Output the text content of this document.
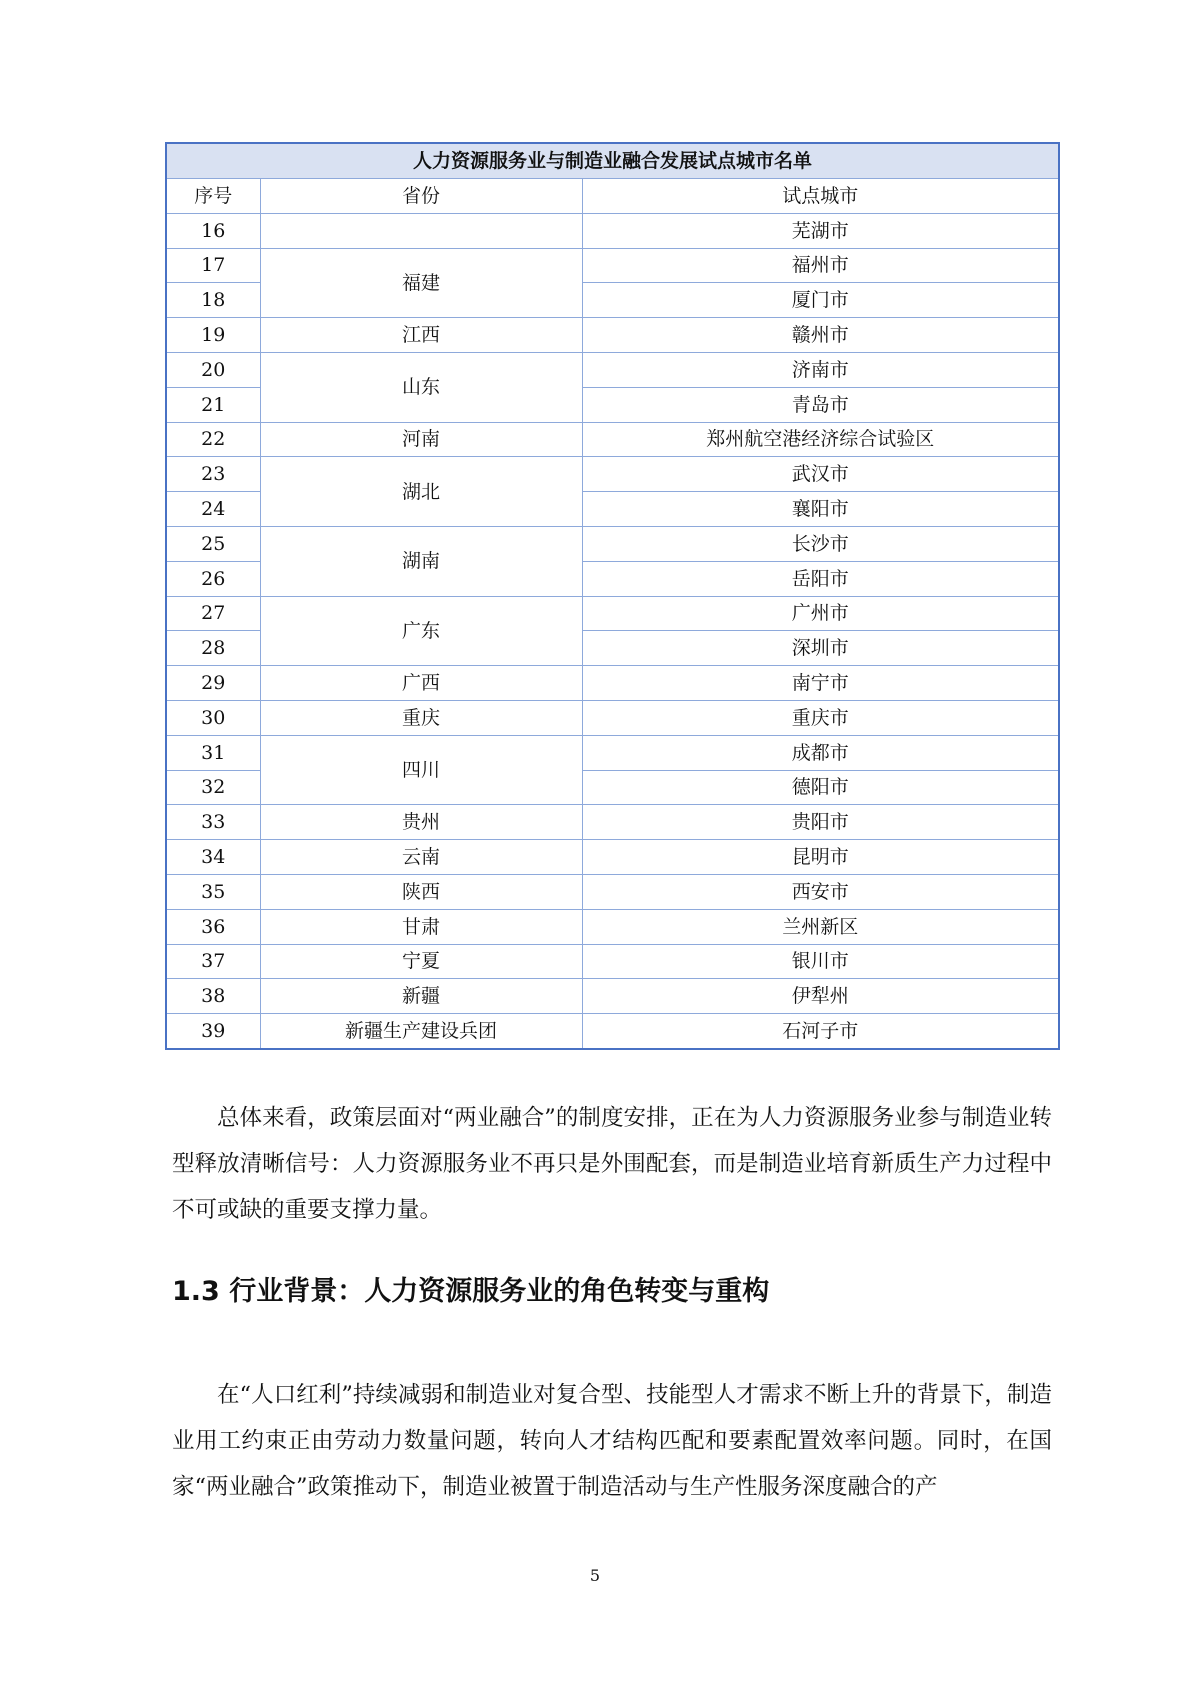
人力资源服务业与制造业融合发展试点城市名单		
序号	省份	试点城市
16		芜湖市
17	福建	福州市
18		厦门市
19	江西	赣州市
20	山东	济南市
21		青岛市
22	河南	郑州航空港经济综合试验区
23	湖北	武汉市
24		襄阳市
25	湖南	长沙市
26		岳阳市
27	广东	广州市
28		深圳市
29	广西	南宁市
30	重庆	重庆市
31	四川	成都市
32		德阳市
33	贵州	贵阳市
34	云南	昆明市
35	陕西	西安市
36	甘肃	兰州新区
37	宁夏	银川市
38	新疆	伊犁州
39	新疆生产建设兵团	石河子市

总体来看，政策层面对“两业融合”的制度安排，正在为人力资源服务业参与制造业转型释放清晰信号：人力资源服务业不再只是外围配套，而是制造业培育新质生产力过程中不可或缺的重要支撑力量。

1.3 行业背景：人力资源服务业的角色转变与重构

在“人口红利”持续减弱和制造业对复合型、技能型人才需求不断上升的背景下，制造业用工约束正由劳动力数量问题，转向人才结构匹配和要素配置效率问题。同时，在国家“两业融合”政策推动下，制造业被置于制造活动与生产性服务深度融合的产

5
